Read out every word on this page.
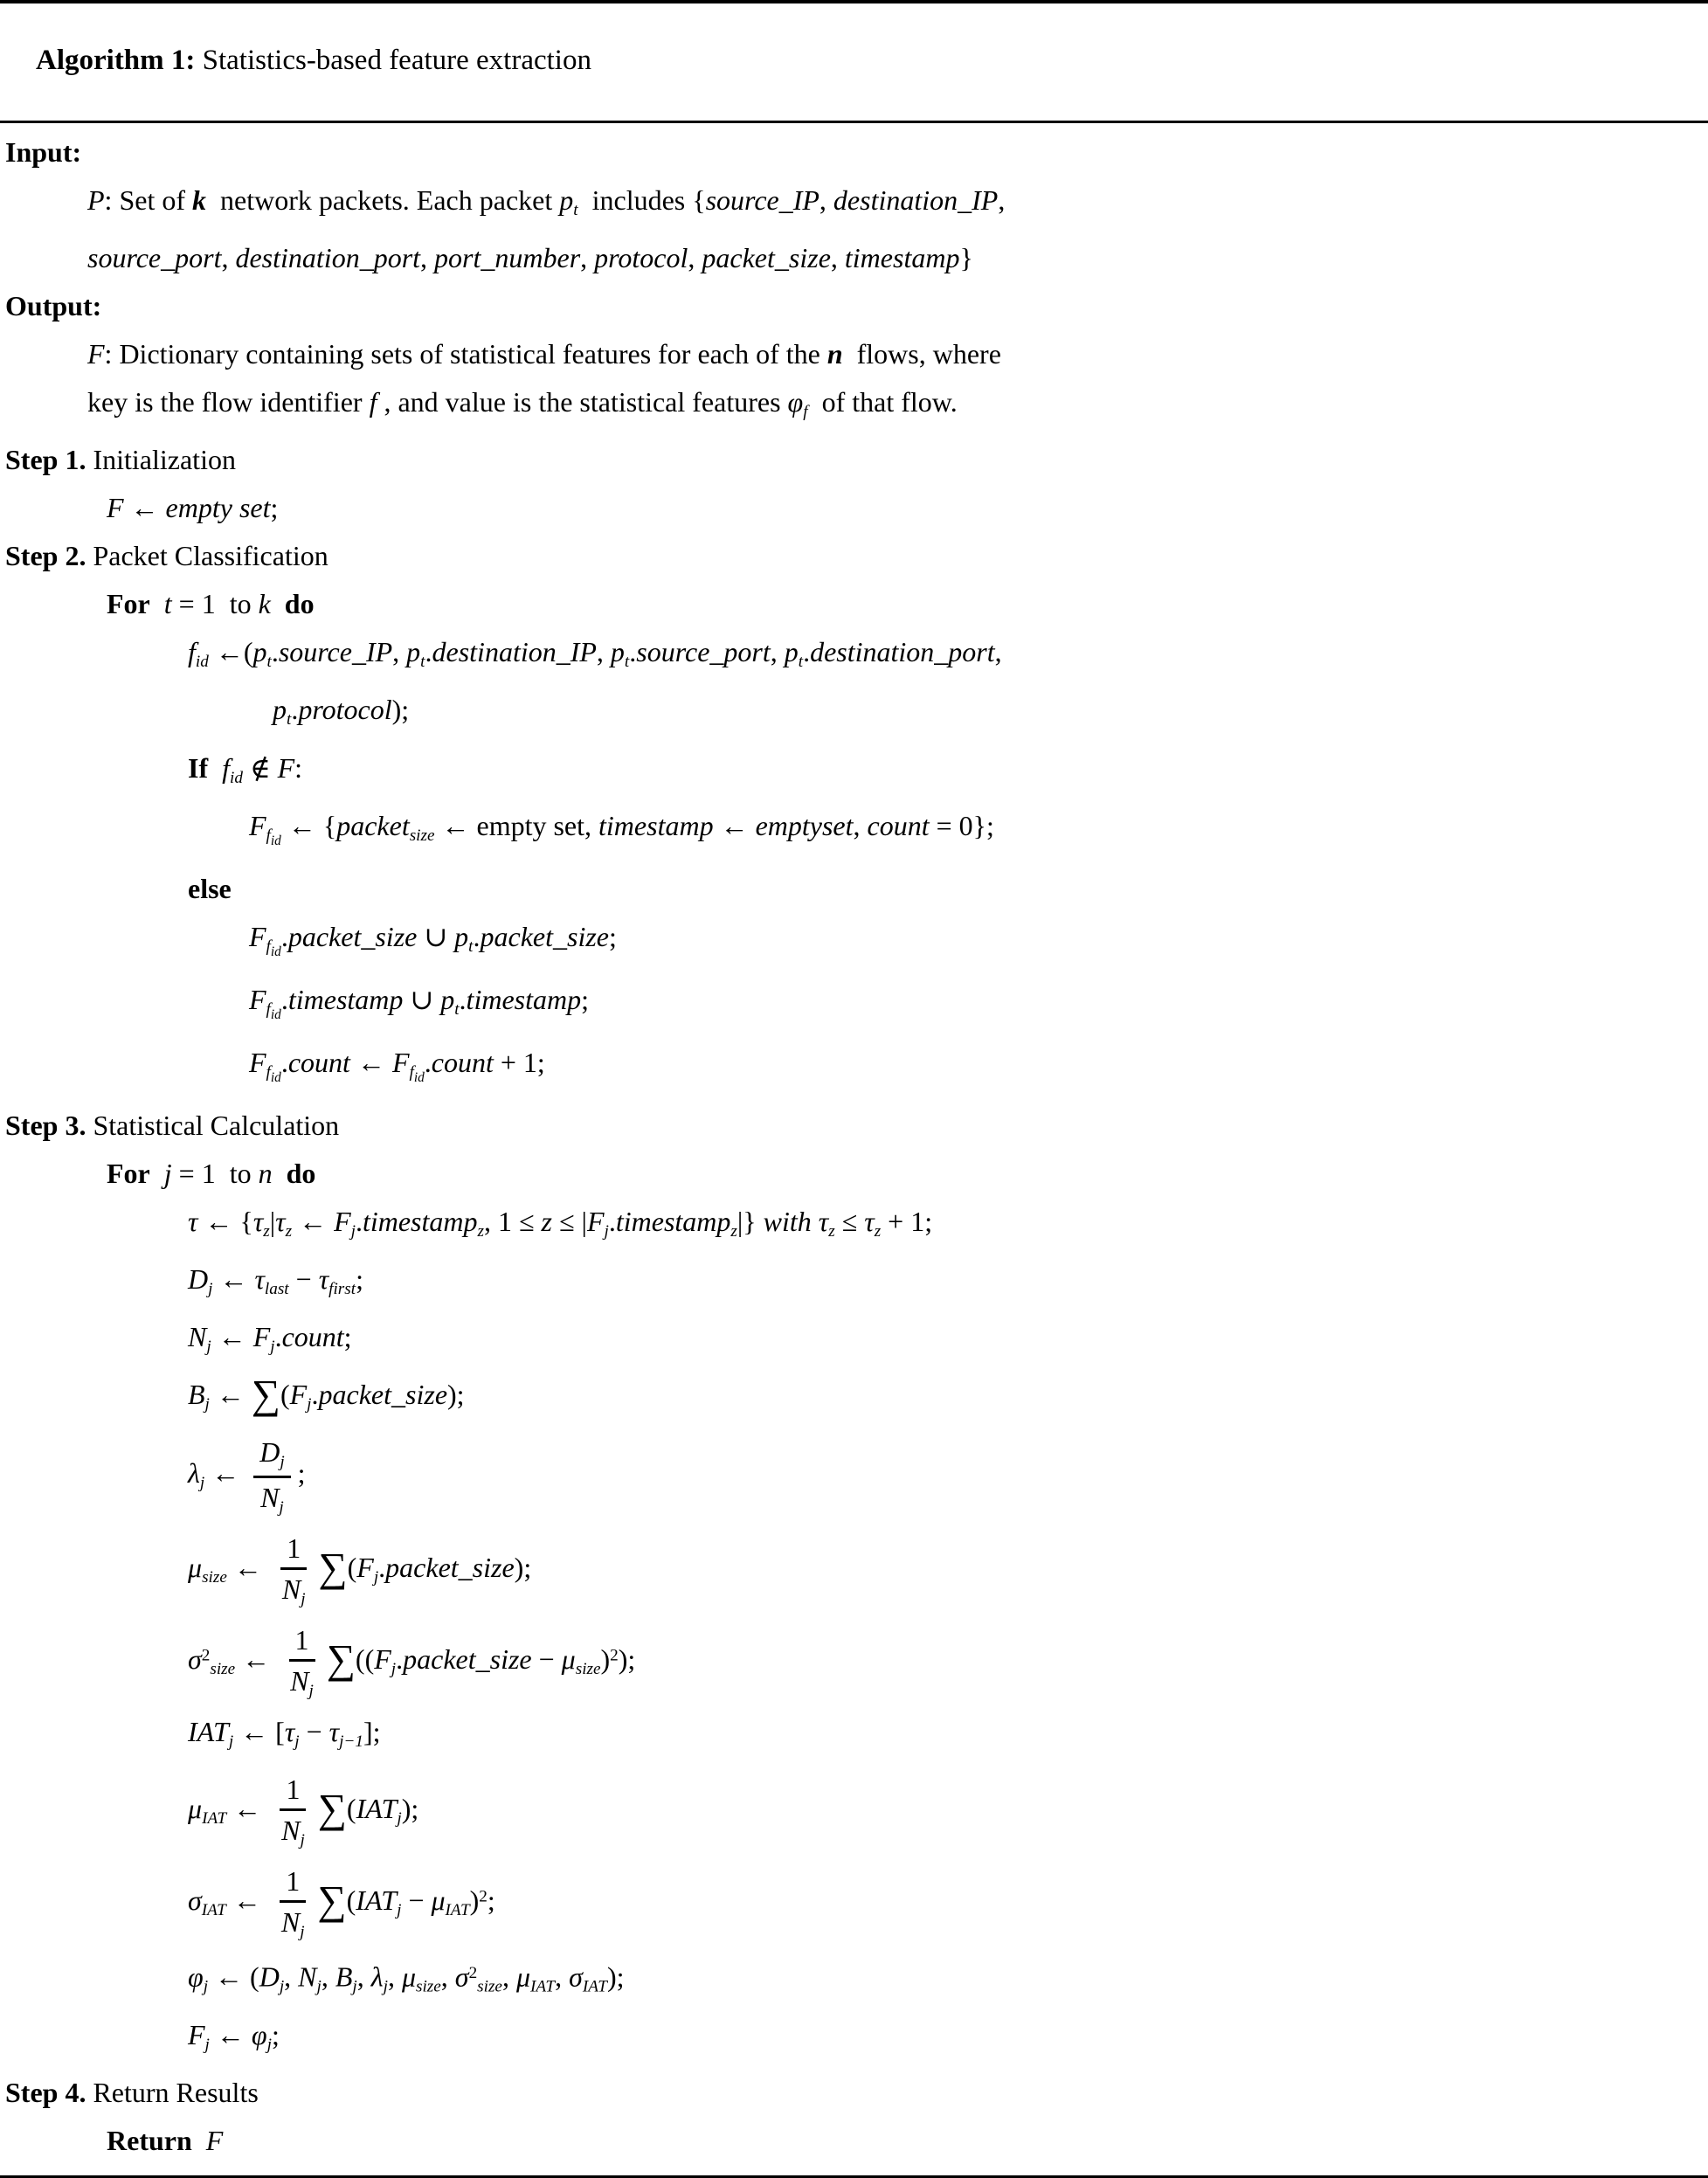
Algorithm 1: Statistics-based feature extraction

Input:
P: Set of k  network packets. Each packet pt  includes {source_IP, destination_IP,
source_port, destination_port, port_number, protocol, packet_size, timestamp}
Output:
F: Dictionary containing sets of statistical features for each of the n  flows, where
key is the flow identifier f , and value is the statistical features φf  of that flow.
Step 1. Initialization
F ← empty set;
Step 2. Packet Classification
For t = 1  to k do
fid ←(pt.source_IP, pt.destination_IP, pt.source_port, pt.destination_port,
pt.protocol);
If fid ∉ F:
$Ff_{id}$ ← {packetsize ← empty set, timestamp ← emptyset, count = 0};
else
$Ff_{id}.packet\_size$ ∪ pt.packet_size;
$Ff_{id}.timestamp$ ∪ pt.timestamp;
$Ff_{id}.count$ ← $Ff_{id}.count + 1$;
Step 3. Statistical Calculation
For j = 1  to n do
τ ← {τz|τz ← Fj.timestampz, 1 ≤ z ≤ |Fj.timestampz|} with τz ≤ τz + 1;
Dj ← τlast − τfirst;
Nj ← Fj.count;
Bj ← ∑(Fj.packet_size);
λj ← $\frac{Dj}{Nj}$ ;
μsize ← $\frac{1}{Nj}$ ∑(Fj.packet_size);
$\sigma^2size$ ← $\frac{1}{Nj}$ ∑((Fj.packet_size − μsize)$^2$);
IATj ← [τj − τj−1];
μIAT ← $\frac{1}{Nj}$ ∑(IATj);
σIAT ← $\frac{1}{Nj}$ ∑(IATj − μIAT)$^2$;
φj ← (Dj, Nj, Bj, λj, μsize, $\sigma^2size$, μIAT, σIAT);
Fj ← φj;
Step 4. Return Results
Return F
